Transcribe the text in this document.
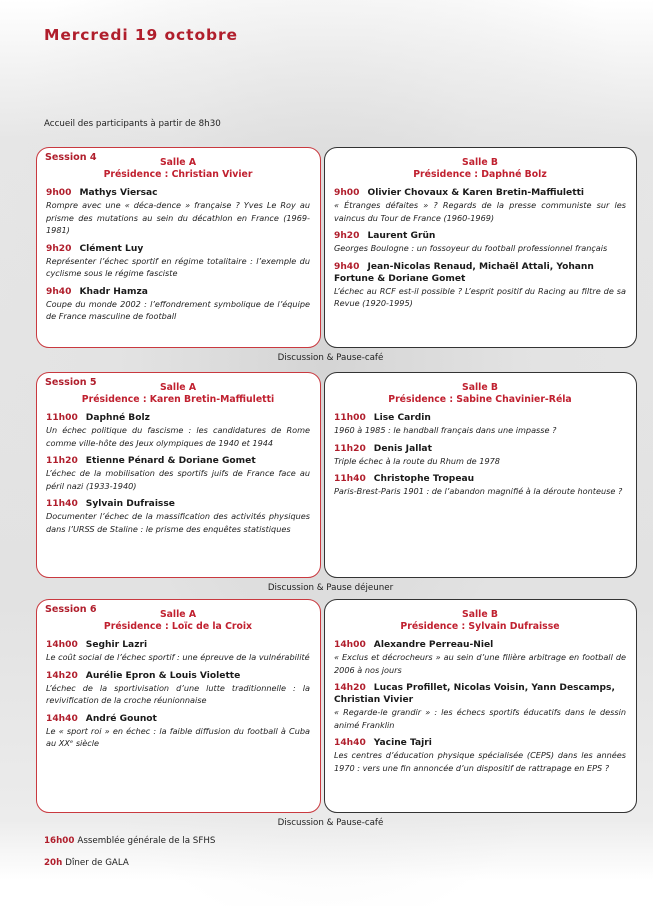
Mercredi 19 octobre
Accueil des participants à partir de 8h30
Session 4	Salle A
Présidence : Christian Vivier
9h00 Mathys Viersac
Rompre avec une « déca-dence » française ? Yves Le Roy au prisme des mutations au sein du décathlon en France (1969-1981)
9h20 Clément Luy
Représenter l’échec sportif en régime totalitaire : l’exemple du cyclisme sous le régime fasciste
9h40 Khadr Hamza
Coupe du monde 2002 : l’effondrement symbolique de l’équipe de France masculine de football
Salle B
Présidence : Daphné Bolz
9h00 Olivier Chovaux & Karen Bretin-Maffiuletti
« Étranges défaites » ? Regards de la presse communiste sur les vaincus du Tour de France (1960-1969)
9h20 Laurent Grün
Georges Boulogne : un fossoyeur du football professionnel français
9h40 Jean-Nicolas Renaud, Michaël Attali, Yohann Fortune & Doriane Gomet
L’échec au RCF est-il possible ? L’esprit positif du Racing au filtre de sa Revue (1920-1995)
Discussion & Pause-café
Session 5	Salle A
Présidence : Karen Bretin-Maffiuletti
11h00 Daphné Bolz
Un échec politique du fascisme : les candidatures de Rome comme ville-hôte des Jeux olympiques de 1940 et 1944
11h20 Etienne Pénard & Doriane Gomet
L’échec de la mobilisation des sportifs juifs de France face au péril nazi (1933-1940)
11h40 Sylvain Dufraisse
Documenter l’échec de la massification des activités physiques dans l’URSS de Staline : le prisme des enquêtes statistiques
Salle B
Présidence : Sabine Chavinier-Réla
11h00 Lise Cardin
1960 à 1985 : le handball français dans une impasse ?
11h20 Denis Jallat
Triple échec à la route du Rhum de 1978
11h40 Christophe Tropeau
Paris-Brest-Paris 1901 : de l’abandon magnifié à la déroute honteuse ?
Discussion & Pause déjeuner
Session 6	Salle A
Présidence : Loïc de la Croix
14h00 Seghir Lazri
Le coût social de l’échec sportif : une épreuve de la vulnérabilité
14h20 Aurélie Epron & Louis Violette
L’échec de la sportivisation d’une lutte traditionnelle : la revivification de la croche réunionnaise
14h40 André Gounot
Le « sport roi » en échec : la faible diffusion du football à Cuba au XXᵉ siècle
Salle B
Présidence : Sylvain Dufraisse
14h00 Alexandre Perreau-Niel
« Exclus et décrocheurs » au sein d’une filière arbitrage en football de 2006 à nos jours
14h20 Lucas Profillet, Nicolas Voisin, Yann Descamps, Christian Vivier
« Regarde-le grandir » : les échecs sportifs éducatifs dans le dessin animé Franklin
14h40 Yacine Tajri
Les centres d’éducation physique spécialisée (CEPS) dans les années 1970 : vers une fin annoncée d’un dispositif de rattrapage en EPS ?
Discussion & Pause-café
16h00 Assemblée générale de la SFHS
20h Dîner de GALA
